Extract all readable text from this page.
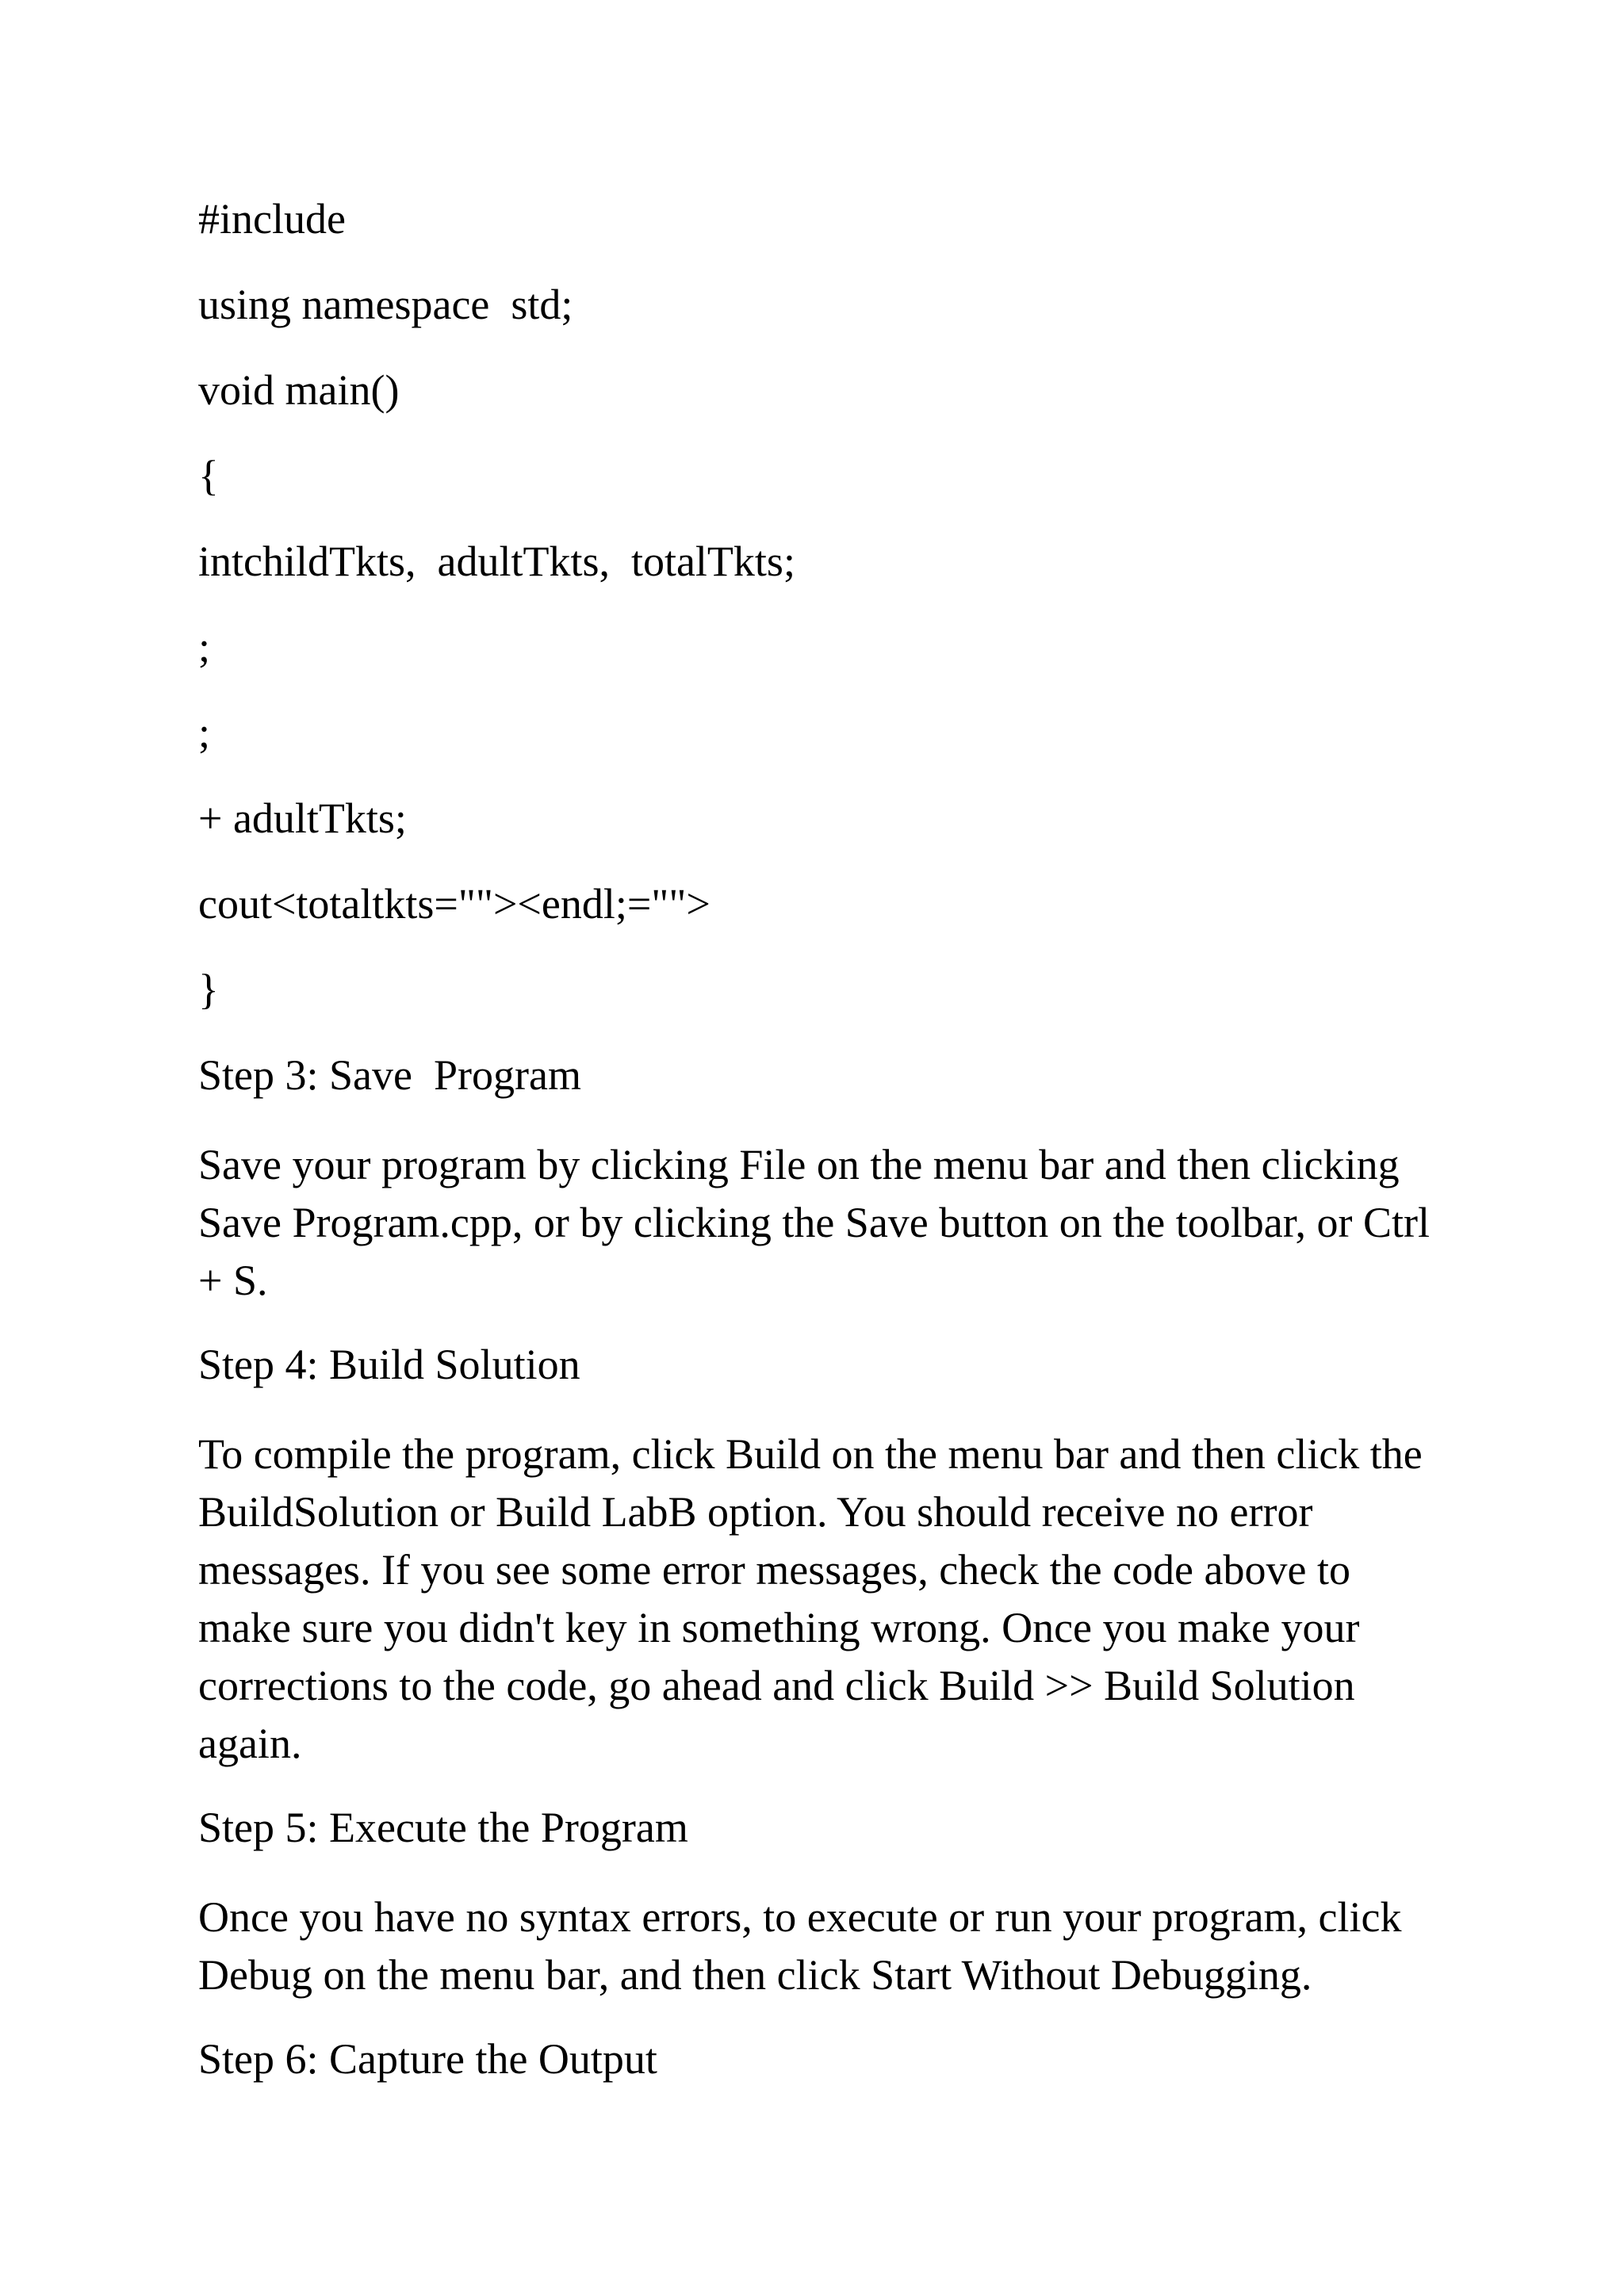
#include
using namespace  std;
void main()
{
intchildTkts,  adultTkts,  totalTkts;
;
;
+ adultTkts;
cout<totaltkts=""><endl;="">
}
Step 3: Save  Program
Save your program by clicking File on the menu bar and then clicking Save Program.cpp, or by clicking the Save button on the toolbar, or Ctrl + S.
Step 4: Build Solution
To compile the program, click Build on the menu bar and then click the BuildSolution or Build LabB option. You should receive no error messages. If you see some error messages, check the code above to make sure you didn't key in something wrong. Once you make your corrections to the code, go ahead and click Build >> Build Solution again.
Step 5: Execute the Program
Once you have no syntax errors, to execute or run your program, click Debug on the menu bar, and then click Start Without Debugging.
Step 6: Capture the Output
